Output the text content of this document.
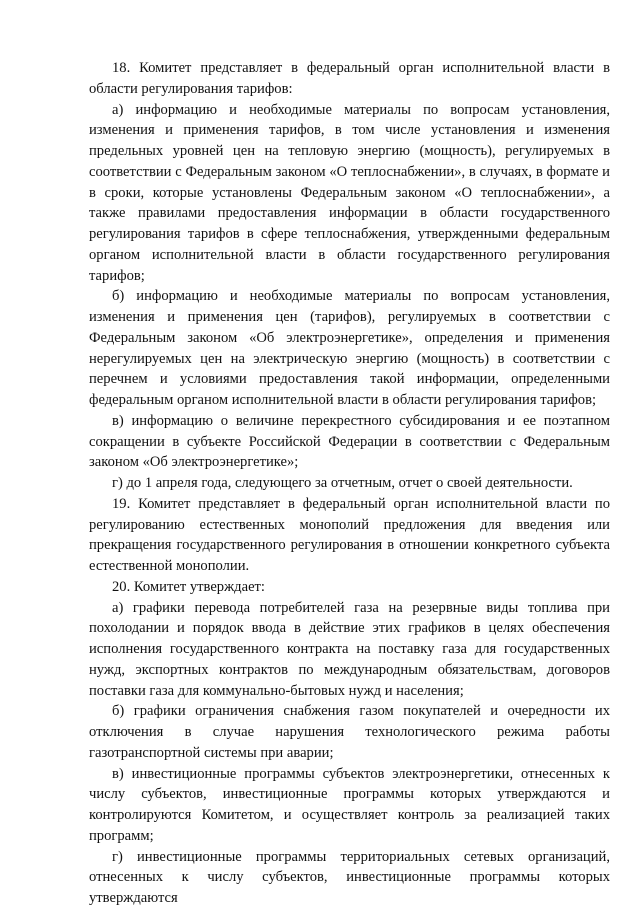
18. Комитет представляет в федеральный орган исполнительной власти в области регулирования тарифов:

а) информацию и необходимые материалы по вопросам установления, изменения и применения тарифов, в том числе установления и изменения предельных уровней цен на тепловую энергию (мощность), регулируемых в соответствии с Федеральным законом «О теплоснабжении», в случаях, в формате и в сроки, которые установлены Федеральным законом «О теплоснабжении», а также правилами предоставления информации в области государственного регулирования тарифов в сфере теплоснабжения, утвержденными федеральным органом исполнительной власти в области государственного регулирования тарифов;

б) информацию и необходимые материалы по вопросам установления, изменения и применения цен (тарифов), регулируемых в соответствии с Федеральным законом «Об электроэнергетике», определения и применения нерегулируемых цен на электрическую энергию (мощность) в соответствии с перечнем и условиями предоставления такой информации, определенными федеральным органом исполнительной власти в области регулирования тарифов;

в) информацию о величине перекрестного субсидирования и ее поэтапном сокращении в субъекте Российской Федерации в соответствии с Федеральным законом «Об электроэнергетике»;

г) до 1 апреля года, следующего за отчетным, отчет о своей деятельности.

19. Комитет представляет в федеральный орган исполнительной власти по регулированию естественных монополий предложения для введения или прекращения государственного регулирования в отношении конкретного субъекта естественной монополии.

20. Комитет утверждает:

а) графики перевода потребителей газа на резервные виды топлива при похолодании и порядок ввода в действие этих графиков в целях обеспечения исполнения государственного контракта на поставку газа для государственных нужд, экспортных контрактов по международным обязательствам, договоров поставки газа для коммунально-бытовых нужд и населения;

б) графики ограничения снабжения газом покупателей и очередности их отключения в случае нарушения технологического режима работы газотранспортной системы при аварии;

в) инвестиционные программы субъектов электроэнергетики, отнесенных к числу субъектов, инвестиционные программы которых утверждаются и контролируются Комитетом, и осуществляет контроль за реализацией таких программ;

г) инвестиционные программы территориальных сетевых организаций, отнесенных к числу субъектов, инвестиционные программы которых утверждаются
